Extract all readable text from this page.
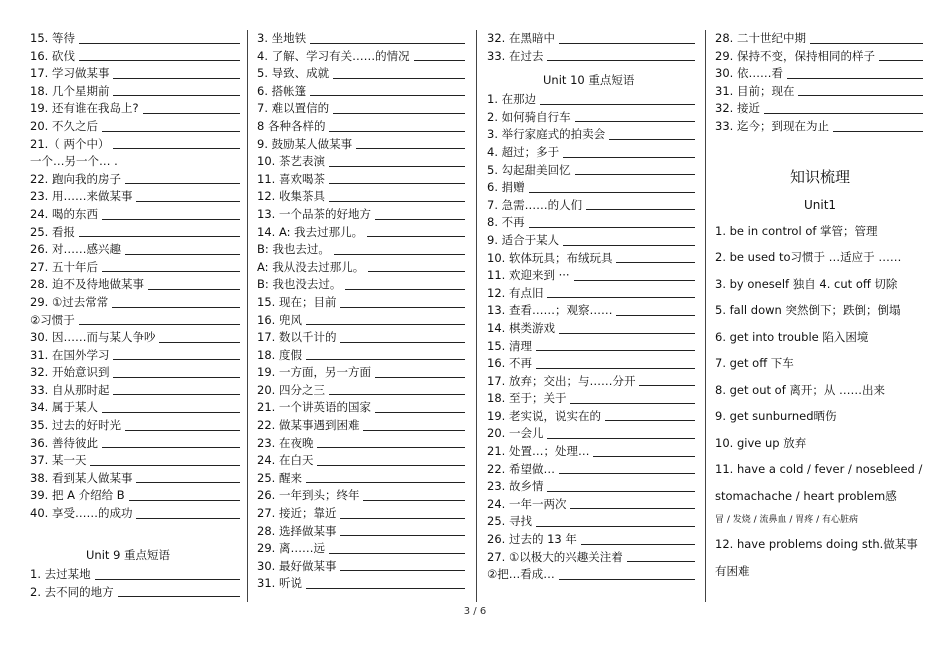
15. 等待
16. 砍伐
17. 学习做某事
18. 几个星期前
19. 还有谁在我岛上?
20. 不久之后
21.（ 两个中）
一个…另一个… .
22. 跑向我的房子
23. 用……来做某事
24. 喝的东西
25. 看报
26. 对……感兴趣
27. 五十年后
28. 迫不及待地做某事
29. ①过去常常
②习惯于
30. 因……而与某人争吵
31. 在国外学习
32. 开始意识到
33. 自从那时起
34. 属于某人
35. 过去的好时光
36. 善待彼此
37. 某一天
38. 看到某人做某事
39. 把 A 介绍给 B
40. 享受……的成功
Unit 9 重点短语
1. 去过某地
2. 去不同的地方
3. 坐地铁
4. 了解、学习有关……的情况
5. 导致、成就
6. 搭帐篷
7. 难以置信的
8 各种各样的
9. 鼓励某人做某事
10. 茶艺表演
11. 喜欢喝茶
12. 收集茶具
13. 一个品茶的好地方
14. A: 我去过那儿。
B: 我也去过。
A: 我从没去过那儿。
B: 我也没去过。
15. 现在；目前
16. 兜风
17. 数以千计的
18. 度假
19. 一方面，另一方面
20. 四分之三
21. 一个讲英语的国家
22. 做某事遇到困难
23. 在夜晚
24. 在白天
25. 醒来
26. 一年到头；终年
27. 接近；靠近
28. 选择做某事
29. 离……远
30. 最好做某事
31. 听说
32. 在黑暗中
33. 在过去
Unit 10 重点短语
1. 在那边
2. 如何骑自行车
3. 举行家庭式的拍卖会
4. 超过；多于
5. 勾起甜美回忆
6. 捐赠
7. 急需……的人们
8. 不再
9. 适合于某人
10. 软体玩具；布绒玩具
11. 欢迎来到 ···
12. 有点旧
13. 查看……；观察……
14. 棋类游戏
15. 清理
16. 不再
17. 放弃；交出；与……分开
18. 至于；关于
19. 老实说，说实在的
20. 一会儿
21. 处置…；处理…
22. 希望做…
23. 故乡情
24. 一年一两次
25. 寻找
26. 过去的 13 年
27. ①以极大的兴趣关注着
②把…看成…
28. 二十世纪中期
29. 保持不变，保持相同的样子
30. 依……看
31. 目前；现在
32. 接近
33. 迄今；到现在为止
知识梳理
Unit1
1. be in control of 掌管；管理
2. be used to习惯于 …适应于 ……
3. by oneself 独自 4. cut off 切除
5. fall down 突然倒下；跌倒；倒塌
6. get into trouble 陷入困境
7. get off 下车
8. get out of 离开；从 ……出来
9. get sunburned晒伤
10. give up 放弃
11. have a cold / fever / nosebleed /
stomachache / heart problem感
冒 / 发烧 / 流鼻血 / 胃疼 / 有心脏病
12. have problems doing sth.做某事
有困难
3 / 6
